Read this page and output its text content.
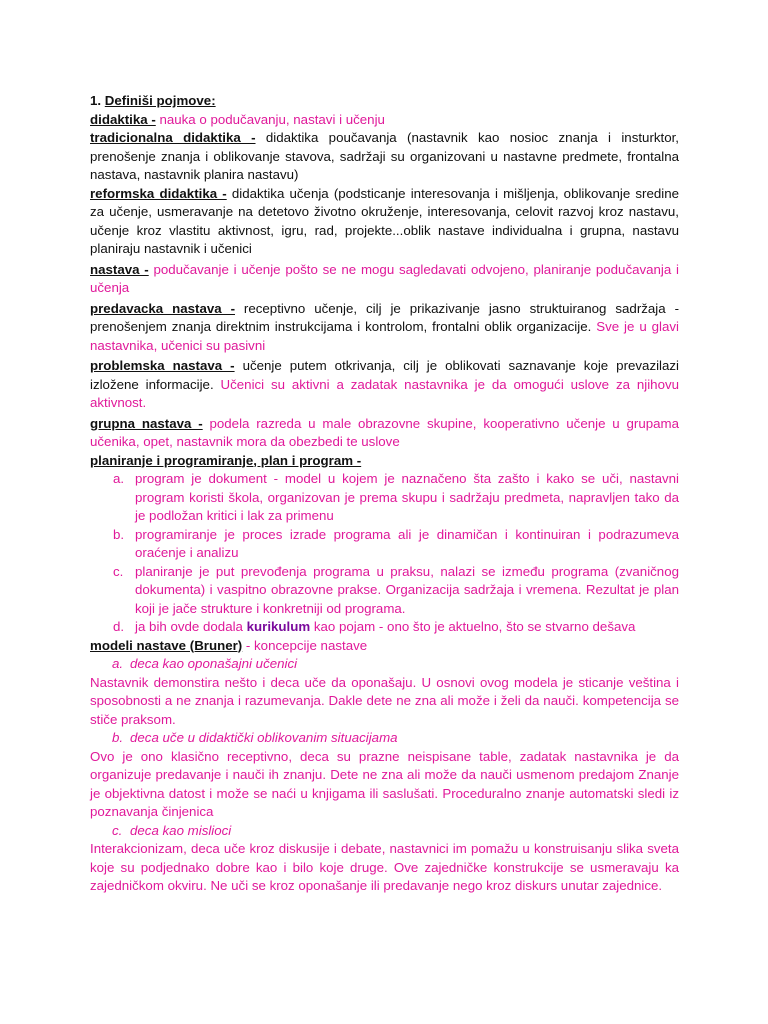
1. Definiši pojmove:

didaktika - nauka o podučavanju, nastavi i učenju

tradicionalna didaktika - didaktika poučavanja (nastavnik kao nosioc znanja i insturktor, prenošenje znanja i oblikovanje stavova, sadržaji su organizovani u nastavne predmete, frontalna nastava, nastavnik planira nastavu)

reformska didaktika - didaktika učenja (podsticanje interesovanja i mišljenja, oblikovanje sredine za učenje, usmeravanje na detetovo životno okruženje, interesovanja, celovit razvoj kroz nastavu, učenje kroz vlastitu aktivnost, igru, rad, projekte...oblik nastave individualna i grupna, nastavu planiraju nastavnik i učenici

nastava - podučavanje i učenje pošto se ne mogu sagledavati odvojeno, planiranje podučavanja i učenja

predavacka nastava - receptivno učenje, cilj je prikazivanje jasno struktuiranog sadržaja - prenošenjem znanja direktnim instrukcijama i kontrolom, frontalni oblik organizacije. Sve je u glavi nastavnika, učenici su pasivni

problemska nastava - učenje putem otkrivanja, cilj je oblikovati saznavanje koje prevazilazi izložene informacije. Učenici su aktivni a zadatak nastavnika je da omogući uslove za njihovu aktivnost.

grupna nastava - podela razreda u male obrazovne skupine, kooperativno učenje u grupama učenika, opet, nastavnik mora da obezbedi te uslove

planiranje i programiranje, plan i program -

a. program je dokument - model u kojem je naznačeno šta zašto i kako se uči, nastavni program koristi škola, organizovan je prema skupu i sadržaju predmeta, napravljen tako da je podložan kritici i lak za primenu

b. programiranje je proces izrade programa ali je dinamičan i kontinuiran i podrazumeva oraćenje i analizu

c. planiranje je put prevođenja programa u praksu, nalazi se između programa (zvaničnog dokumenta) i vaspitno obrazovne prakse. Organizacija sadržaja i vremena. Rezultat je plan koji je jače strukture i konkretniji od programa.

d. ja bih ovde dodala kurikulum kao pojam - ono što je aktuelno, što se stvarno dešava

modeli nastave (Bruner) - koncepcije nastave

a. deca kao oponašajni učenici

Nastavnik demonstira nešto i deca uče da oponašaju. U osnovi ovog modela je sticanje veština i sposobnosti a ne znanja i razumevanja. Dakle dete ne zna ali može i želi da nauči. kompetencija se stiče praksom.

b. deca uče u didaktički oblikovanim situacijama

Ovo je ono klasično receptivno, deca su prazne neispisane table, zadatak nastavnika je da organizuje predavanje i nauči ih znanju. Dete ne zna ali može da nauči usmenom predajom Znanje je objektivna datost i može se naći u knjigama ili saslušati. Proceduralno znanje automatski sledi iz poznavanja činjenica

c. deca kao mislioci

Interakcionizam, deca uče kroz diskusije i debate, nastavnici im pomažu u konstruisanju slika sveta koje su podjednako dobre kao i bilo koje druge. Ove zajedničke konstrukcije se usmeravaju ka zajedničkom okviru. Ne uči se kroz oponašanje ili predavanje nego kroz diskurs unutar zajednice.
